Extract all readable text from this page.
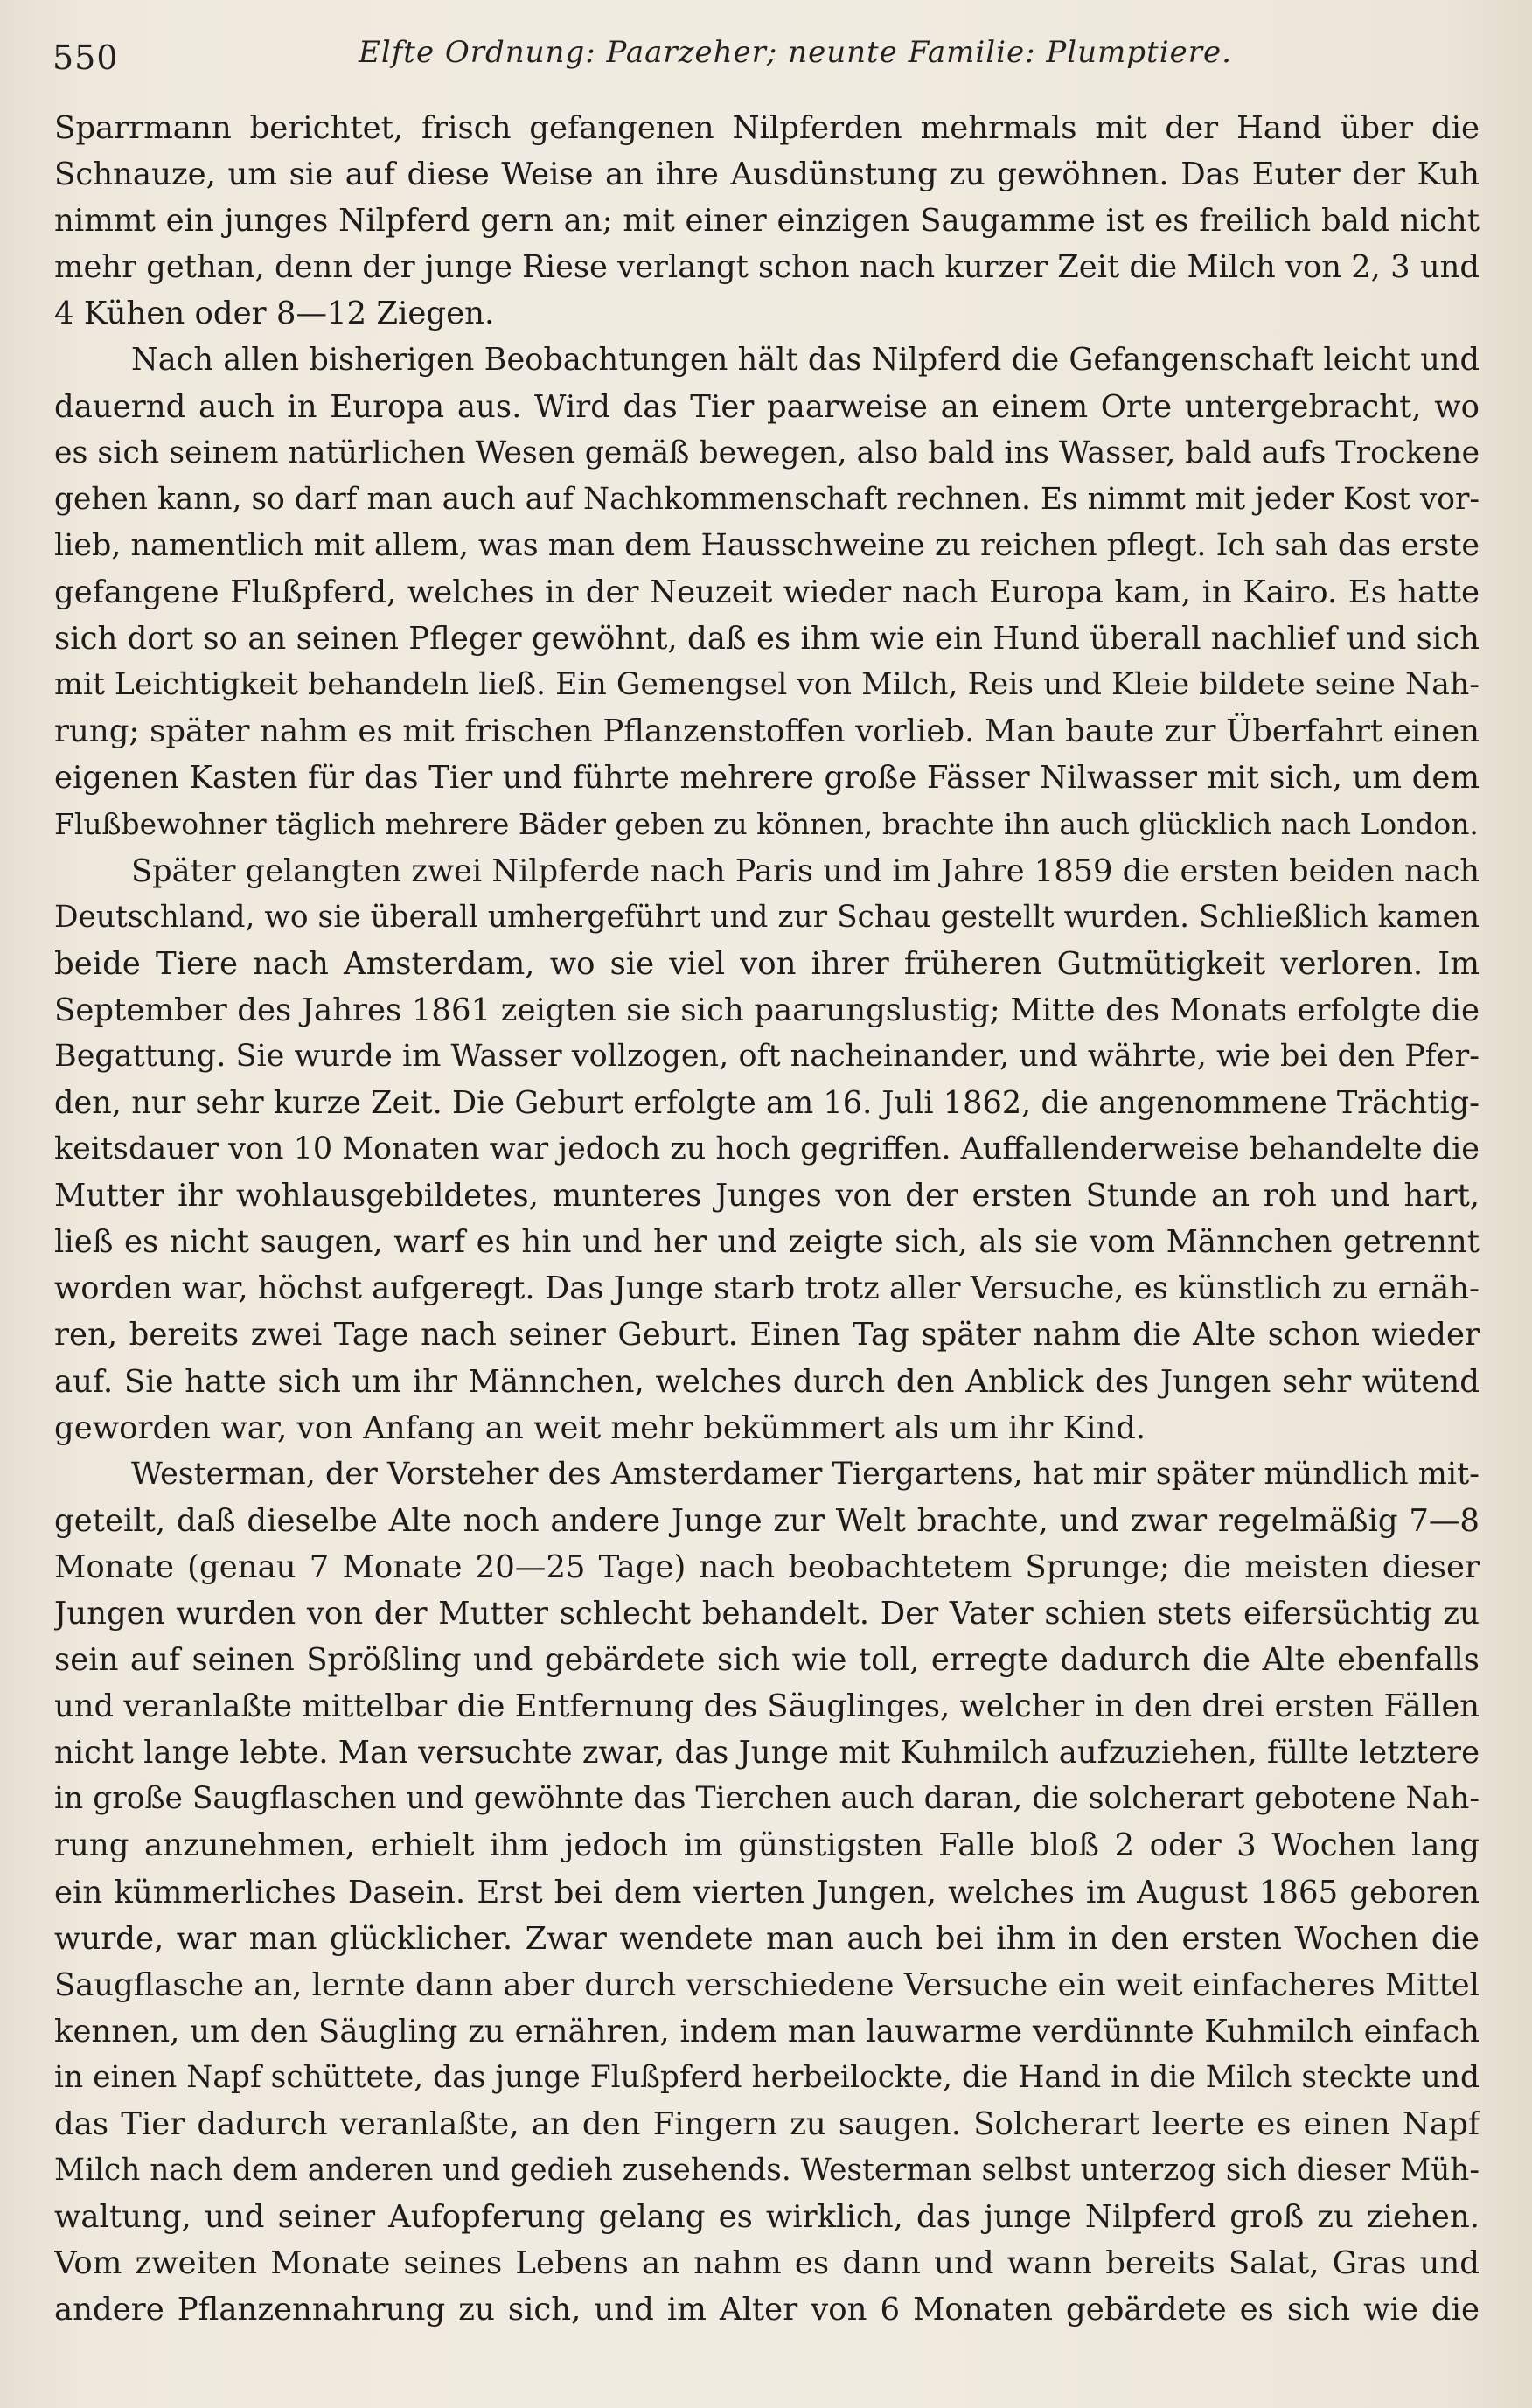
550	Elfte Ordnung: Paarzeher; neunte Familie: Plumptiere.
Sparrmann berichtet, frisch gefangenen Nilpferden mehrmals mit der Hand über die
Schnauze, um sie auf diese Weise an ihre Ausdünstung zu gewöhnen. Das Euter der Kuh
nimmt ein junges Nilpferd gern an; mit einer einzigen Saugamme ist es freilich bald nicht
mehr gethan, denn der junge Riese verlangt schon nach kurzer Zeit die Milch von 2, 3 und
4 Kühen oder 8—12 Ziegen.
Nach allen bisherigen Beobachtungen hält das Nilpferd die Gefangenschaft leicht und
dauernd auch in Europa aus. Wird das Tier paarweise an einem Orte untergebracht, wo
es sich seinem natürlichen Wesen gemäß bewegen, also bald ins Wasser, bald aufs Trockene
gehen kann, so darf man auch auf Nachkommenschaft rechnen. Es nimmt mit jeder Kost vor-
lieb, namentlich mit allem, was man dem Hausschweine zu reichen pflegt. Ich sah das erste
gefangene Flußpferd, welches in der Neuzeit wieder nach Europa kam, in Kairo. Es hatte
sich dort so an seinen Pfleger gewöhnt, daß es ihm wie ein Hund überall nachlief und sich
mit Leichtigkeit behandeln ließ. Ein Gemengsel von Milch, Reis und Kleie bildete seine Nah-
rung; später nahm es mit frischen Pflanzenstoffen vorlieb. Man baute zur Überfahrt einen
eigenen Kasten für das Tier und führte mehrere große Fässer Nilwasser mit sich, um dem
Flußbewohner täglich mehrere Bäder geben zu können, brachte ihn auch glücklich nach London.
Später gelangten zwei Nilpferde nach Paris und im Jahre 1859 die ersten beiden nach
Deutschland, wo sie überall umhergeführt und zur Schau gestellt wurden. Schließlich kamen
beide Tiere nach Amsterdam, wo sie viel von ihrer früheren Gutmütigkeit verloren. Im
September des Jahres 1861 zeigten sie sich paarungslustig; Mitte des Monats erfolgte die
Begattung. Sie wurde im Wasser vollzogen, oft nacheinander, und währte, wie bei den Pfer-
den, nur sehr kurze Zeit. Die Geburt erfolgte am 16. Juli 1862, die angenommene Trächtig-
keitsdauer von 10 Monaten war jedoch zu hoch gegriffen. Auffallenderweise behandelte die
Mutter ihr wohlausgebildetes, munteres Junges von der ersten Stunde an roh und hart,
ließ es nicht saugen, warf es hin und her und zeigte sich, als sie vom Männchen getrennt
worden war, höchst aufgeregt. Das Junge starb trotz aller Versuche, es künstlich zu ernäh-
ren, bereits zwei Tage nach seiner Geburt. Einen Tag später nahm die Alte schon wieder
auf. Sie hatte sich um ihr Männchen, welches durch den Anblick des Jungen sehr wütend
geworden war, von Anfang an weit mehr bekümmert als um ihr Kind.
Westerman, der Vorsteher des Amsterdamer Tiergartens, hat mir später mündlich mit-
geteilt, daß dieselbe Alte noch andere Junge zur Welt brachte, und zwar regelmäßig 7—8
Monate (genau 7 Monate 20—25 Tage) nach beobachtetem Sprunge; die meisten dieser
Jungen wurden von der Mutter schlecht behandelt. Der Vater schien stets eifersüchtig zu
sein auf seinen Sprößling und gebärdete sich wie toll, erregte dadurch die Alte ebenfalls
und veranlaßte mittelbar die Entfernung des Säuglinges, welcher in den drei ersten Fällen
nicht lange lebte. Man versuchte zwar, das Junge mit Kuhmilch aufzuziehen, füllte letztere
in große Saugflaschen und gewöhnte das Tierchen auch daran, die solcherart gebotene Nah-
rung anzunehmen, erhielt ihm jedoch im günstigsten Falle bloß 2 oder 3 Wochen lang
ein kümmerliches Dasein. Erst bei dem vierten Jungen, welches im August 1865 geboren
wurde, war man glücklicher. Zwar wendete man auch bei ihm in den ersten Wochen die
Saugflasche an, lernte dann aber durch verschiedene Versuche ein weit einfacheres Mittel
kennen, um den Säugling zu ernähren, indem man lauwarme verdünnte Kuhmilch einfach
in einen Napf schüttete, das junge Flußpferd herbeilockte, die Hand in die Milch steckte und
das Tier dadurch veranlaßte, an den Fingern zu saugen. Solcherart leerte es einen Napf
Milch nach dem anderen und gedieh zusehends. Westerman selbst unterzog sich dieser Müh-
waltung, und seiner Aufopferung gelang es wirklich, das junge Nilpferd groß zu ziehen.
Vom zweiten Monate seines Lebens an nahm es dann und wann bereits Salat, Gras und
andere Pflanzennahrung zu sich, und im Alter von 6 Monaten gebärdete es sich wie die
